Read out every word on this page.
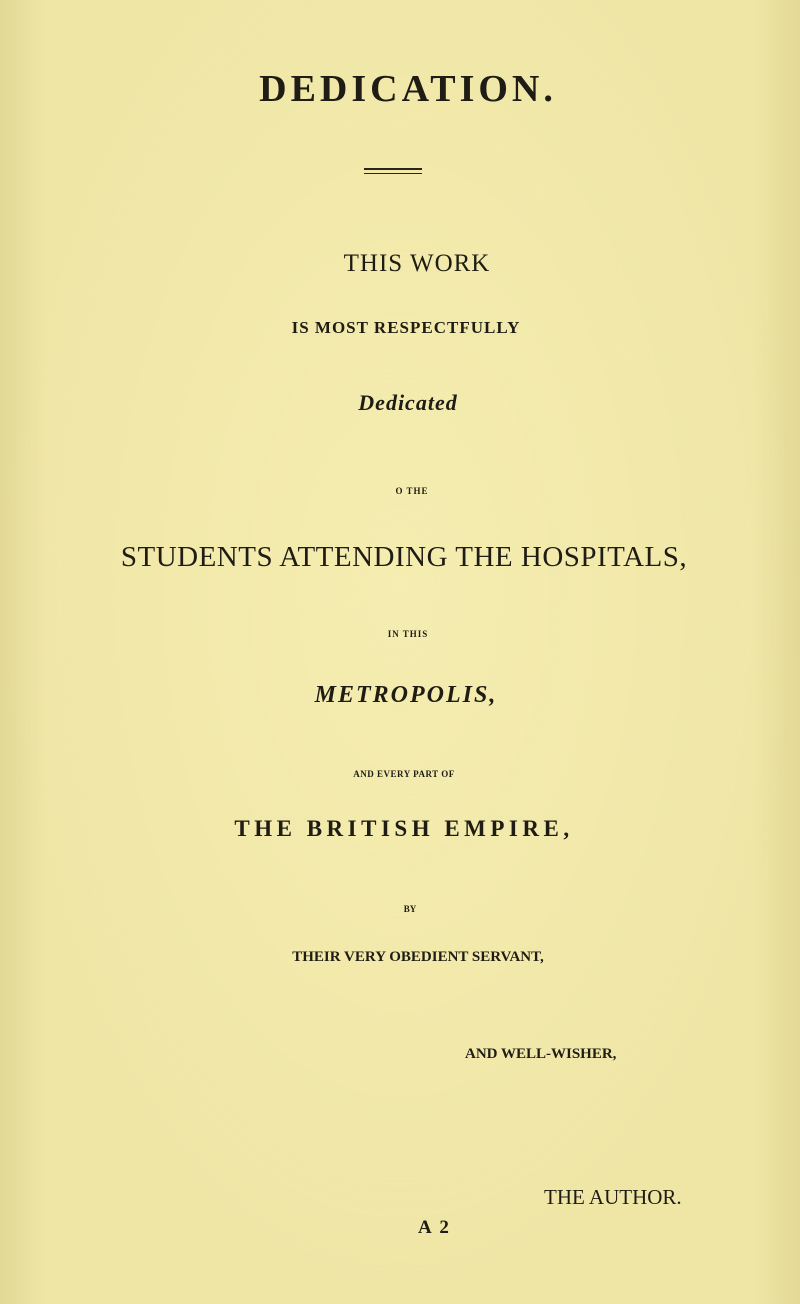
DEDICATION.
THIS WORK
IS MOST RESPECTFULLY
Dedicated
O THE
STUDENTS ATTENDING THE HOSPITALS,
IN THIS
METROPOLIS,
AND EVERY PART OF
THE BRITISH EMPIRE,
BY
THEIR VERY OBEDIENT SERVANT,
AND WELL-WISHER,
THE AUTHOR.
A 2
